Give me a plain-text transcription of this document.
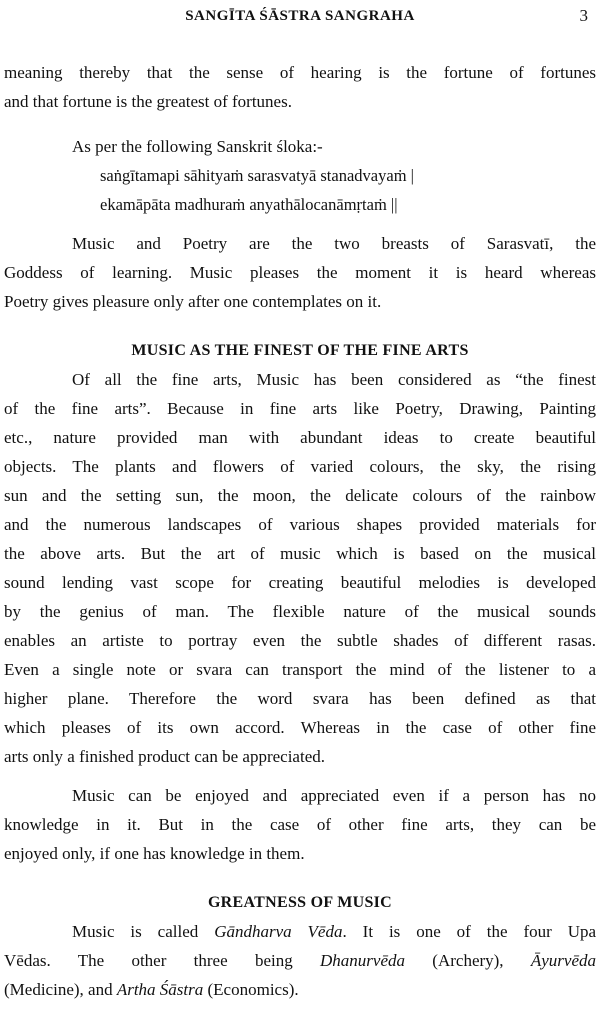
SANGĪTA ŚĀSTRA SANGRAHA	3
meaning thereby that the sense of hearing is the fortune of fortunes
and that fortune is the greatest of fortunes.
As per the following Sanskrit śloka:-
saṅgītamapi sāhityaṁ sarasvatyā stanadvayaṁ |
ekamāpāta madhuraṁ anyathālocanāmṛtaṁ ||
Music and Poetry are the two breasts of Sarasvatī, the
Goddess of learning. Music pleases the moment it is heard whereas
Poetry gives pleasure only after one contemplates on it.
MUSIC AS THE FINEST OF THE FINE ARTS
Of all the fine arts, Music has been considered as “the finest
of the fine arts”. Because in fine arts like Poetry, Drawing, Painting
etc., nature provided man with abundant ideas to create beautiful
objects. The plants and flowers of varied colours, the sky, the rising
sun and the setting sun, the moon, the delicate colours of the rainbow
and the numerous landscapes of various shapes provided materials for
the above arts. But the art of music which is based on the musical
sound lending vast scope for creating beautiful melodies is developed
by the genius of man. The flexible nature of the musical sounds
enables an artiste to portray even the subtle shades of different rasas.
Even a single note or svara can transport the mind of the listener to a
higher plane. Therefore the word svara has been defined as that
which pleases of its own accord. Whereas in the case of other fine
arts only a finished product can be appreciated.
Music can be enjoyed and appreciated even if a person has no
knowledge in it. But in the case of other fine arts, they can be
enjoyed only, if one has knowledge in them.
GREATNESS OF MUSIC
Music is called Gāndharva Vēda. It is one of the four Upa
Vēdas. The other three being Dhanurvēda (Archery), Āyurvēda
(Medicine), and Artha Śāstra (Economics).
